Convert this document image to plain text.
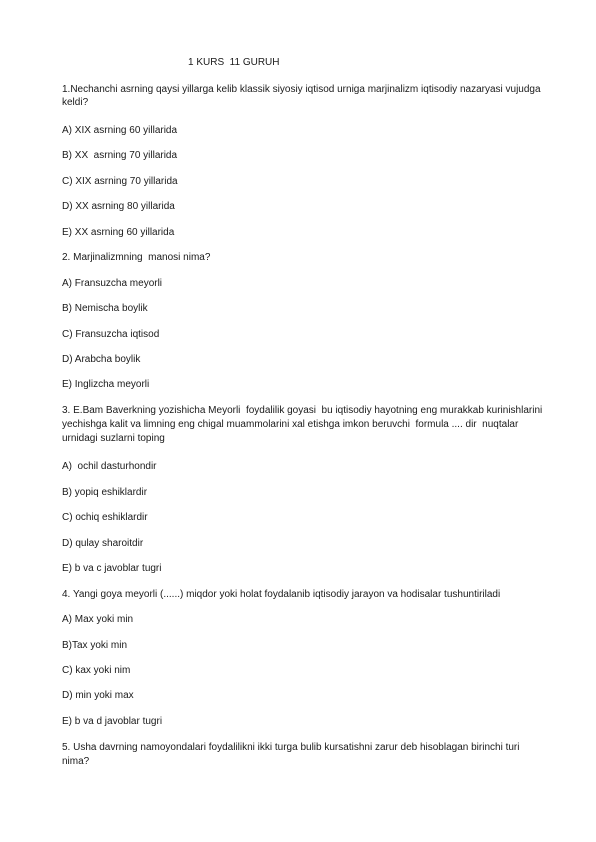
1 KURS  11 GURUH
1.Nechanchi asrning qaysi yillarga kelib klassik siyosiy iqtisod urniga marjinalizm iqtisodiy nazaryasi vujudga
keldi?
A) XIX asrning 60 yillarida
B) XX  asrning 70 yillarida
C) XIX asrning 70 yillarida
D) XX asrning 80 yillarida
E) XX asrning 60 yillarida
2. Marjinalizmning  manosi nima?
A) Fransuzcha meyorli
B) Nemischa boylik
C) Fransuzcha iqtisod
D) Arabcha boylik
E) Inglizcha meyorli
3. E.Bam Baverkning yozishicha Meyorli  foydalilik goyasi  bu iqtisodiy hayotning eng murakkab kurinishlarini
yechishga kalit va limning eng chigal muammolarini xal etishga imkon beruvchi  formula .... dir  nuqtalar
urnidagi suzlarni toping
A)  ochil dasturhondir
B) yopiq eshiklardir
C) ochiq eshiklardir
D) qulay sharoitdir
E) b va c javoblar tugri
4. Yangi goya meyorli (......) miqdor yoki holat foydalanib iqtisodiy jarayon va hodisalar tushuntiriladi
A) Max yoki min
B)Tax yoki min
C) kax yoki nim
D) min yoki max
E) b va d javoblar tugri
5. Usha davrning namoyondalari foydalilikni ikki turga bulib kursatishni zarur deb hisoblagan birinchi turi
nima?
